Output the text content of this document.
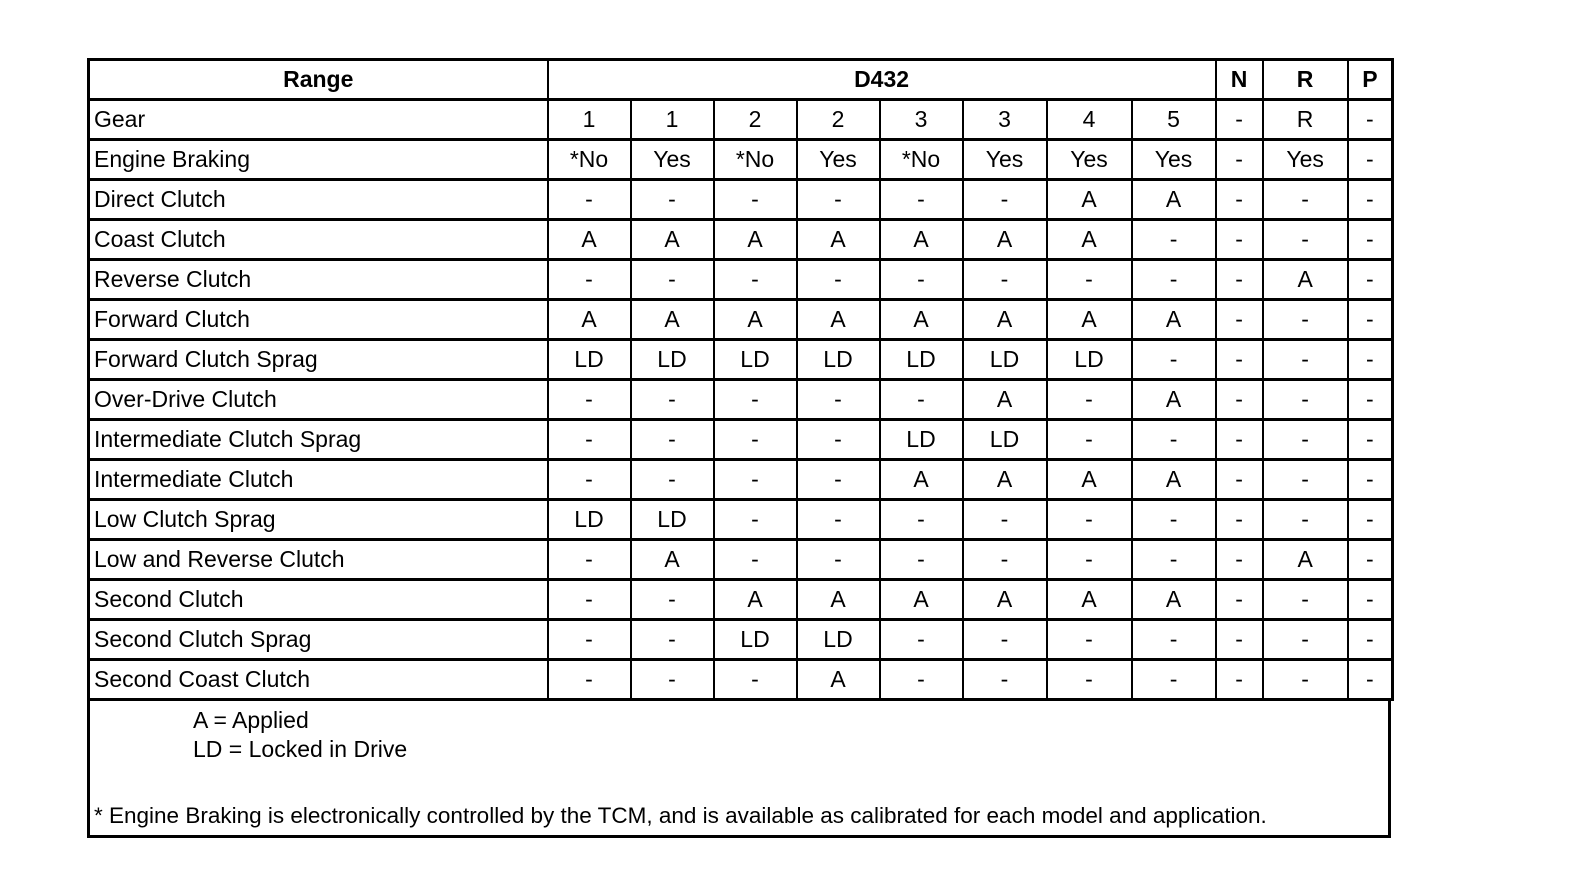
Range	D432								N	R	P
Gear	1	1	2	2	3	3	4	5	-	R	-
Engine Braking	*No	Yes	*No	Yes	*No	Yes	Yes	Yes	-	Yes	-
Direct Clutch	-	-	-	-	-	-	A	A	-	-	-
Coast Clutch	A	A	A	A	A	A	A	-	-	-	-
Reverse Clutch	-	-	-	-	-	-	-	-	-	A	-
Forward Clutch	A	A	A	A	A	A	A	A	-	-	-
Forward Clutch Sprag	LD	LD	LD	LD	LD	LD	LD	-	-	-	-
Over-Drive Clutch	-	-	-	-	-	A	-	A	-	-	-
Intermediate Clutch Sprag	-	-	-	-	LD	LD	-	-	-	-	-
Intermediate Clutch	-	-	-	-	A	A	A	A	-	-	-
Low Clutch Sprag	LD	LD	-	-	-	-	-	-	-	-	-
Low and Reverse Clutch	-	A	-	-	-	-	-	-	-	A	-
Second Clutch	-	-	A	A	A	A	A	A	-	-	-
Second Clutch Sprag	-	-	LD	LD	-	-	-	-	-	-	-
Second Coast Clutch	-	-	-	A	-	-	-	-	-	-	-
A = Applied
LD = Locked in Drive
* Engine Braking is electronically controlled by the TCM, and is available as calibrated for each model and application.
